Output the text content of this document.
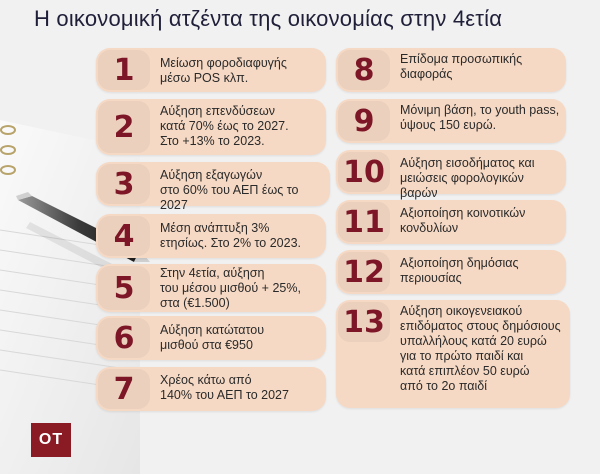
Η οικονομική ατζέντα της οικονομίας στην 4ετία
1	Μείωση φοροδιαφυγής
μέσω POS κλπ.
2	Αύξηση επενδύσεων
κατά 70% έως το 2027.
Στο +13% το 2023.
3	Αύξηση εξαγωγών
στο 60% του ΑΕΠ έως το 2027
4	Μέση ανάπτυξη 3%
ετησίως. Στο 2% το 2023.
5	Στην 4ετία, αύξηση
του μέσου μισθού + 25%,
στα (€1.500)
6	Αύξηση κατώτατου
μισθού στα €950
7	Χρέος κάτω από
140% του ΑΕΠ το 2027
8	Επίδομα προσωπικής
διαφοράς
9	Μόνιμη βάση, το youth pass,
ύψους 150 ευρώ.
10	Αύξηση εισοδήματος και
μειώσεις φορολογικών βαρών
11	Αξιοποίηση κοινοτικών
κονδυλίων
12	Αξιοποίηση δημόσιας
περιουσίας
13	Αύξηση οικογενειακού
επιδόματος στους δημόσιους
υπαλλήλους κατά 20 ευρώ
για το πρώτο παιδί και
κατά επιπλέον 50 ευρώ
από το 2ο παιδί
OT
